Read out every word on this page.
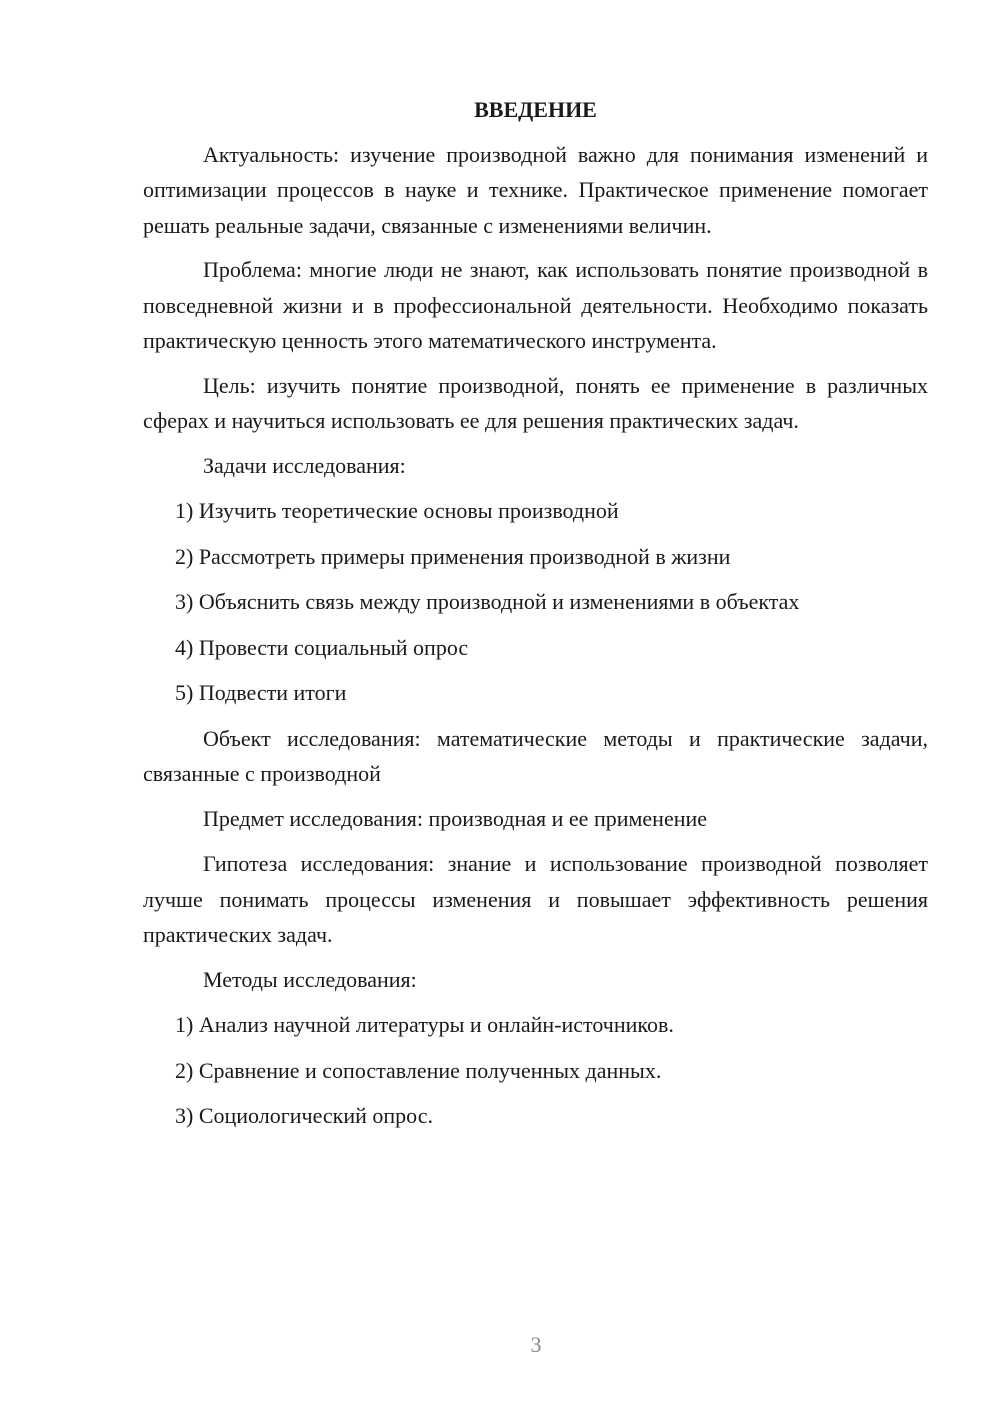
ВВЕДЕНИЕ

Актуальность: изучение производной важно для понимания изменений и оптимизации процессов в науке и технике. Практическое применение помогает решать реальные задачи, связанные с изменениями величин.

Проблема: многие люди не знают, как использовать понятие производной в повседневной жизни и в профессиональной деятельности. Необходимо показать практическую ценность этого математического инструмента.

Цель: изучить понятие производной, понять ее применение в различных сферах и научиться использовать ее для решения практических задач.

Задачи исследования:
1) Изучить теоретические основы производной
2) Рассмотреть примеры применения производной в жизни
3) Объяснить связь между производной и изменениями в объектах
4) Провести социальный опрос
5) Подвести итоги

Объект исследования: математические методы и практические задачи, связанные с производной

Предмет исследования: производная и ее применение

Гипотеза исследования: знание и использование производной позволяет лучше понимать процессы изменения и повышает эффективность решения практических задач.

Методы исследования:
1) Анализ научной литературы и онлайн-источников.
2) Сравнение и сопоставление полученных данных.
3) Социологический опрос.
3
